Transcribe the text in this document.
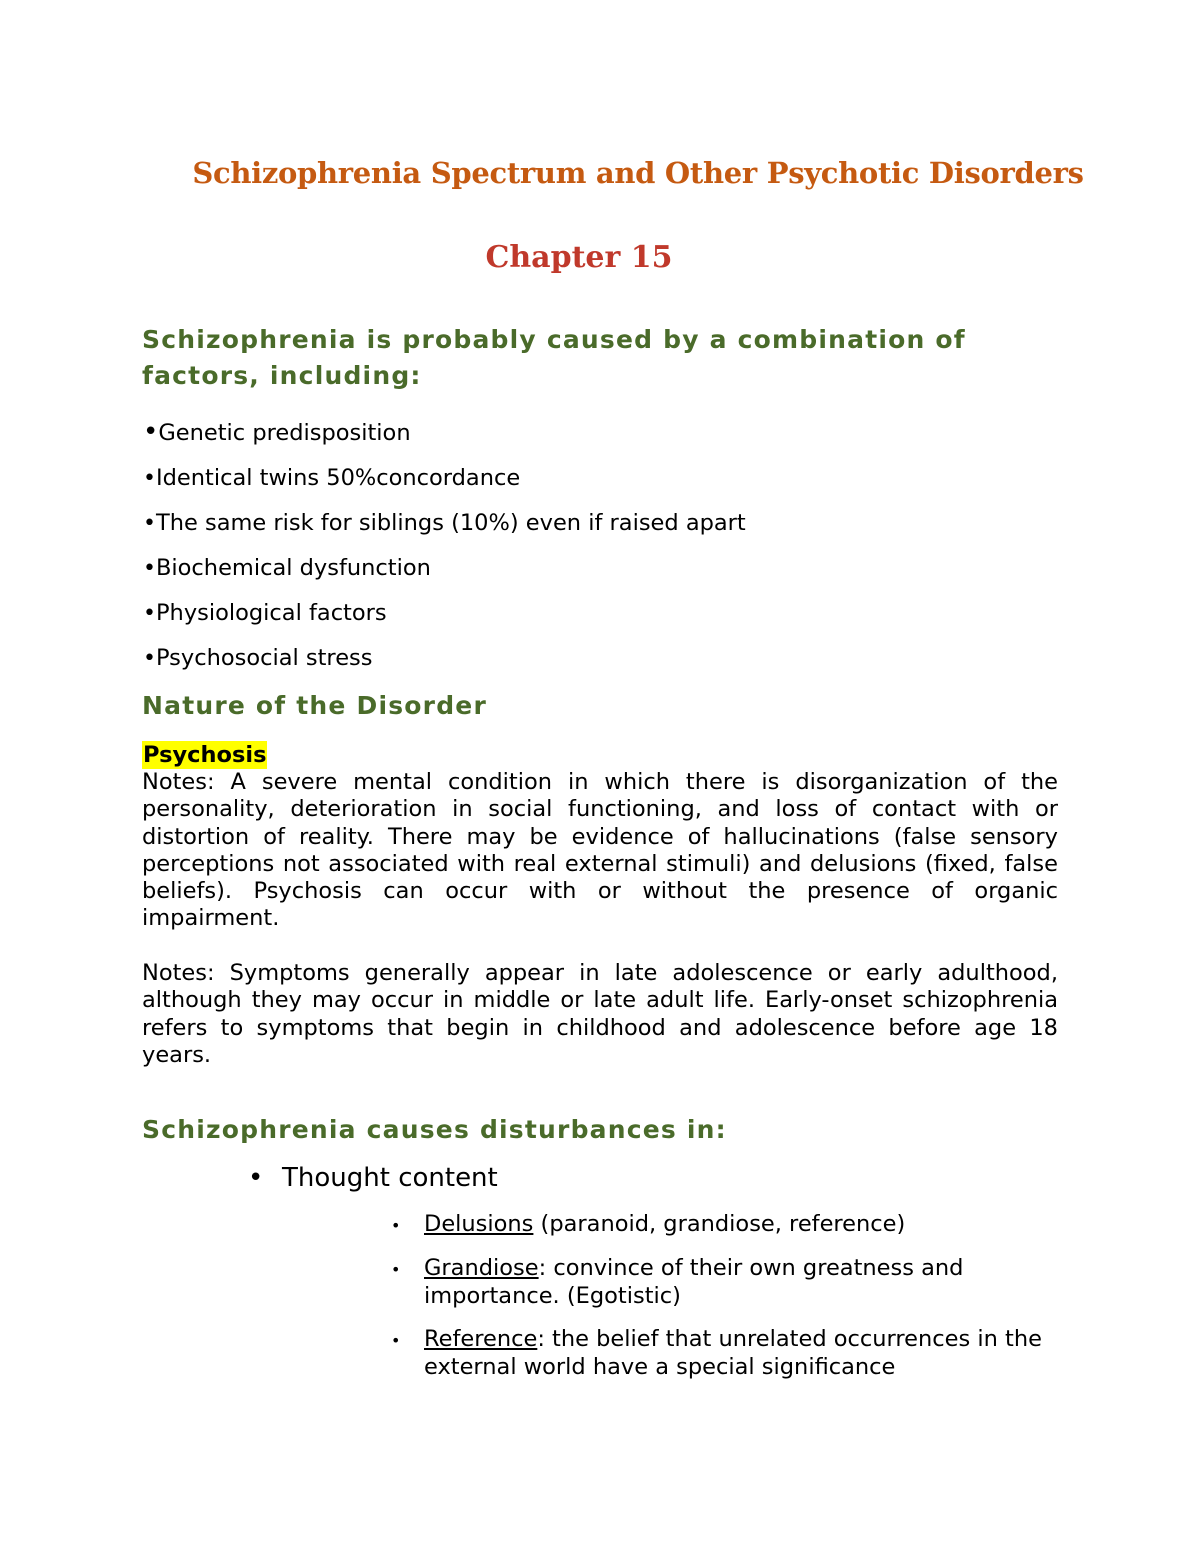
Schizophrenia Spectrum and Other Psychotic Disorders
Chapter 15
Schizophrenia is probably caused by a combination of
factors, including:
•Genetic predisposition
•Identical twins 50%concordance
•The same risk for siblings (10%) even if raised apart
•Biochemical dysfunction
•Physiological factors
•Psychosocial stress
Nature of the Disorder
Psychosis

Notes: A severe mental condition in which there is disorganization of the personality, deterioration in social functioning, and loss of contact with or distortion of reality. There may be evidence of hallucinations (false sensory perceptions not associated with real external stimuli) and delusions (fixed, false beliefs). Psychosis can occur with or without the presence of organic impairment.

Notes: Symptoms generally appear in late adolescence or early adulthood, although they may occur in middle or late adult life. Early-onset schizophrenia refers to symptoms that begin in childhood and adolescence before age 18 years.

Schizophrenia causes disturbances in:
• Thought content
• Delusions (paranoid, grandiose, reference)

• Grandiose: convince of their own greatness and importance. (Egotistic)

• Reference: the belief that unrelated occurrences in the external world have a special significance
